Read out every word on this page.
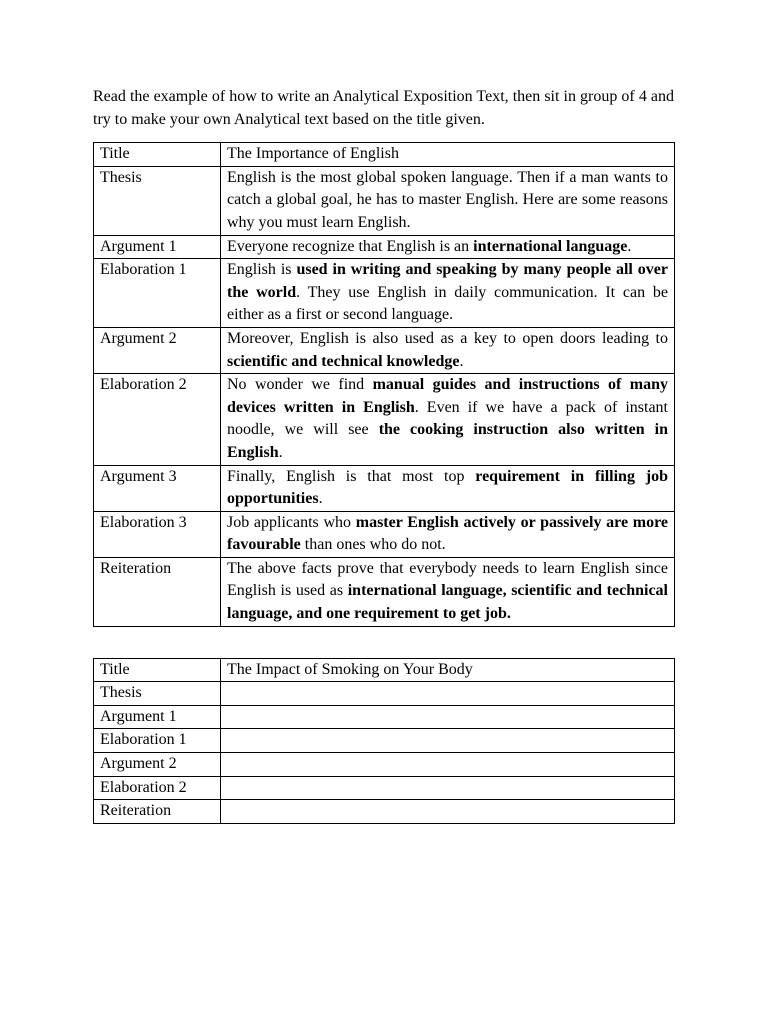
Read the example of how to write an Analytical Exposition Text, then sit in group of 4 and try to make your own Analytical text based on the title given.

Title	The Importance of English
Thesis	English is the most global spoken language. Then if a man wants to catch a global goal, he has to master English. Here are some reasons why you must learn English.
Argument 1	Everyone recognize that English is an international language.
Elaboration 1	English is used in writing and speaking by many people all over the world. They use English in daily communication. It can be either as a first or second language.
Argument 2	Moreover, English is also used as a key to open doors leading to scientific and technical knowledge.
Elaboration 2	No wonder we find manual guides and instructions of many devices written in English. Even if we have a pack of instant noodle, we will see the cooking instruction also written in English.
Argument 3	Finally, English is that most top requirement in filling job opportunities.
Elaboration 3	Job applicants who master English actively or passively are more favourable than ones who do not.
Reiteration	The above facts prove that everybody needs to learn English since English is used as international language, scientific and technical language, and one requirement to get job.
Title	The Impact of Smoking on Your Body
Thesis	
Argument 1	
Elaboration 1	
Argument 2	
Elaboration 2	
Reiteration	
